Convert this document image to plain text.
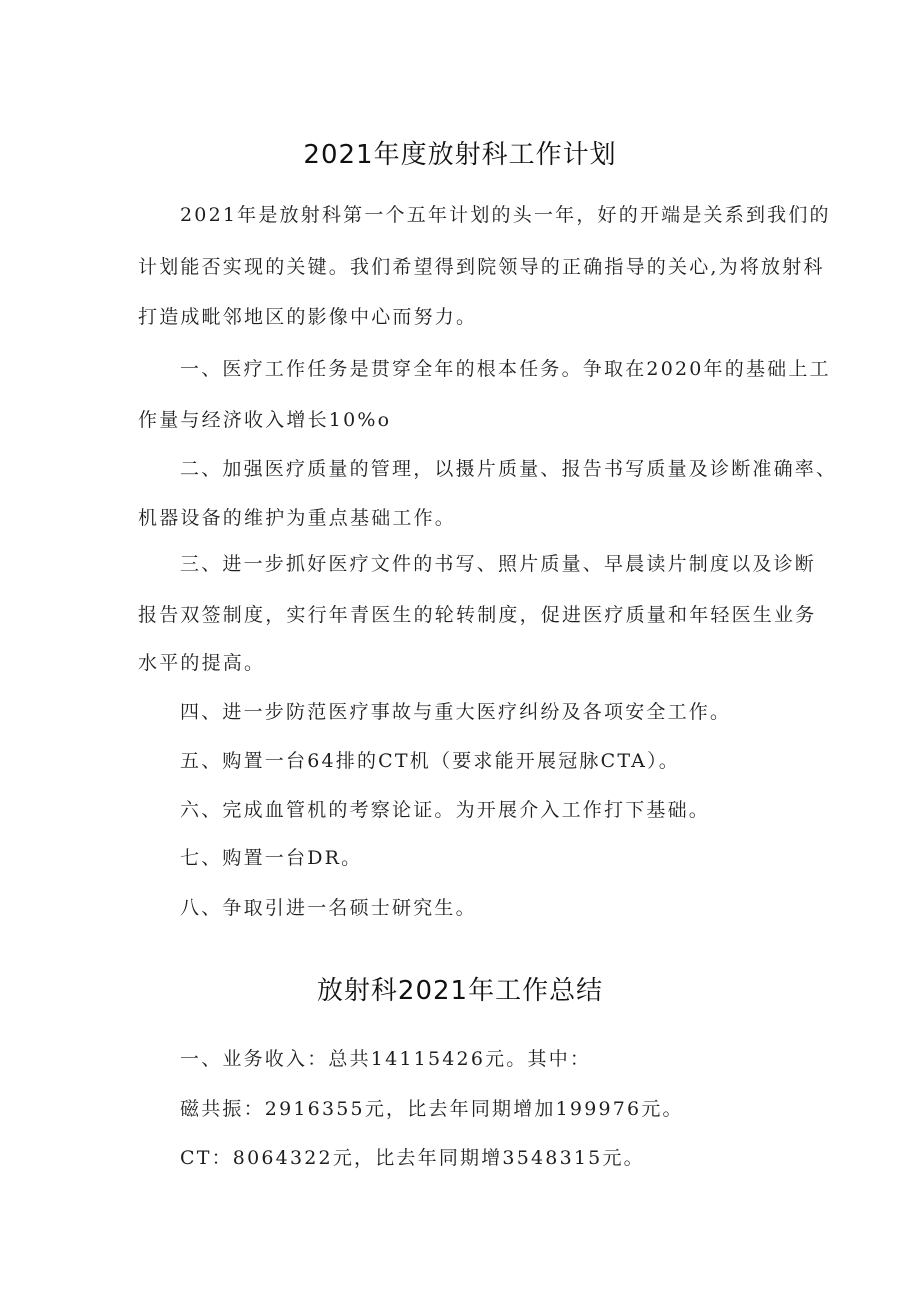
2021年度放射科工作计划
2021年是放射科第一个五年计划的头一年，好的开端是关系到我们的
计划能否实现的关键。我们希望得到院领导的正确指导的关心,为将放射科
打造成毗邻地区的影像中心而努力。
一、医疗工作任务是贯穿全年的根本任务。争取在2020年的基础上工
作量与经济收入增长10%o
二、加强医疗质量的管理，以摄片质量、报告书写质量及诊断准确率、
机器设备的维护为重点基础工作。
三、进一步抓好医疗文件的书写、照片质量、早晨读片制度以及诊断
报告双签制度，实行年青医生的轮转制度，促进医疗质量和年轻医生业务
水平的提高。
四、进一步防范医疗事故与重大医疗纠纷及各项安全工作。
五、购置一台64排的CT机（要求能开展冠脉CTA）。
六、完成血管机的考察论证。为开展介入工作打下基础。
七、购置一台DR。
八、争取引进一名硕士研究生。
放射科2021年工作总结
一、业务收入：总共14115426元。其中：
磁共振：2916355元，比去年同期增加199976元。
CT：8064322元，比去年同期增3548315元。
